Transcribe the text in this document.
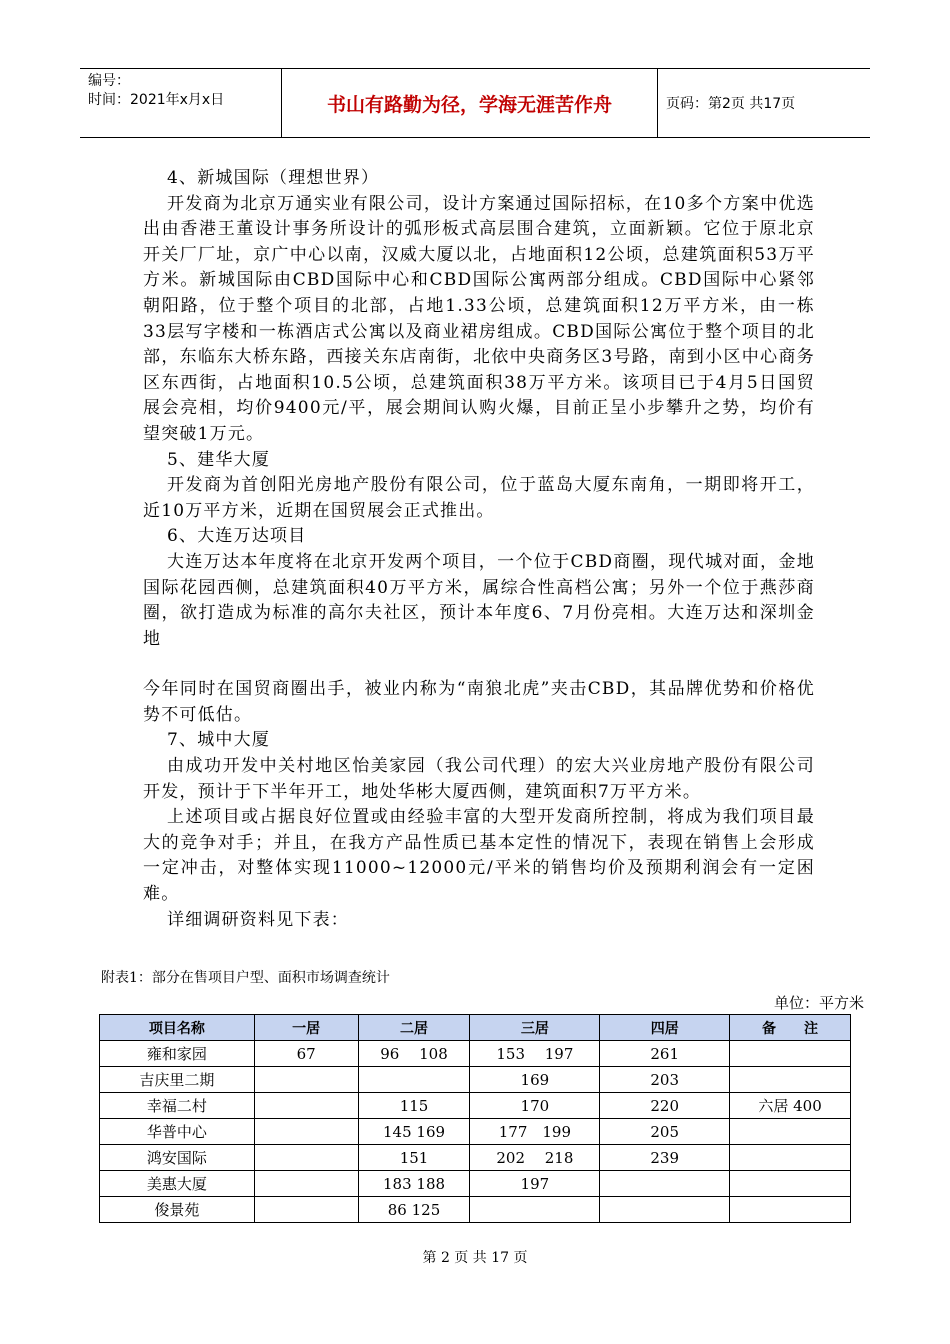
编号：
时间：2021年x月x日	书山有路勤为径，学海无涯苦作舟	页码：第2页 共17页

4、新城国际（理想世界）

开发商为北京万通实业有限公司，设计方案通过国际招标，在10多个方案中优选出由香港王董设计事务所设计的弧形板式高层围合建筑，立面新颖。它位于原北京开关厂厂址，京广中心以南，汉威大厦以北，占地面积12公顷，总建筑面积53万平方米。新城国际由CBD国际中心和CBD国际公寓两部分组成。CBD国际中心紧邻朝阳路，位于整个项目的北部，占地1.33公顷，总建筑面积12万平方米，由一栋33层写字楼和一栋酒店式公寓以及商业裙房组成。CBD国际公寓位于整个项目的北部，东临东大桥东路，西接关东店南街，北依中央商务区3号路，南到小区中心商务区东西街，占地面积10.5公顷，总建筑面积38万平方米。该项目已于4月5日国贸展会亮相，均价9400元/平，展会期间认购火爆，目前正呈小步攀升之势，均价有望突破1万元。

5、建华大厦

开发商为首创阳光房地产股份有限公司，位于蓝岛大厦东南角，一期即将开工，近10万平方米，近期在国贸展会正式推出。

6、大连万达项目

大连万达本年度将在北京开发两个项目，一个位于CBD商圈，现代城对面，金地国际花园西侧，总建筑面积40万平方米，属综合性高档公寓；另外一个位于燕莎商圈，欲打造成为标准的高尔夫社区，预计本年度6、7月份亮相。大连万达和深圳金地

今年同时在国贸商圈出手，被业内称为“南狼北虎”夹击CBD，其品牌优势和价格优势不可低估。

7、城中大厦

由成功开发中关村地区怡美家园（我公司代理）的宏大兴业房地产股份有限公司开发，预计于下半年开工，地处华彬大厦西侧，建筑面积7万平方米。

上述项目或占据良好位置或由经验丰富的大型开发商所控制，将成为我们项目最大的竞争对手；并且，在我方产品性质已基本定性的情况下，表现在销售上会形成一定冲击，对整体实现11000~12000元/平米的销售均价及预期利润会有一定困难。

详细调研资料见下表：

附表1：部分在售项目户型、面积市场调查统计
单位：平方米
项目名称	一居	二居	三居	四居	备　　注
雍和家园	67	96　 108	153　 197	261	
吉庆里二期			169	203	
幸福二村		115	170	220	六居 400
华普中心		145 169	177　199	205	
鸿安国际		151	202　 218	239	
美惠大厦		183 188	197		
俊景苑		86 125			
第 2 页 共 17 页
